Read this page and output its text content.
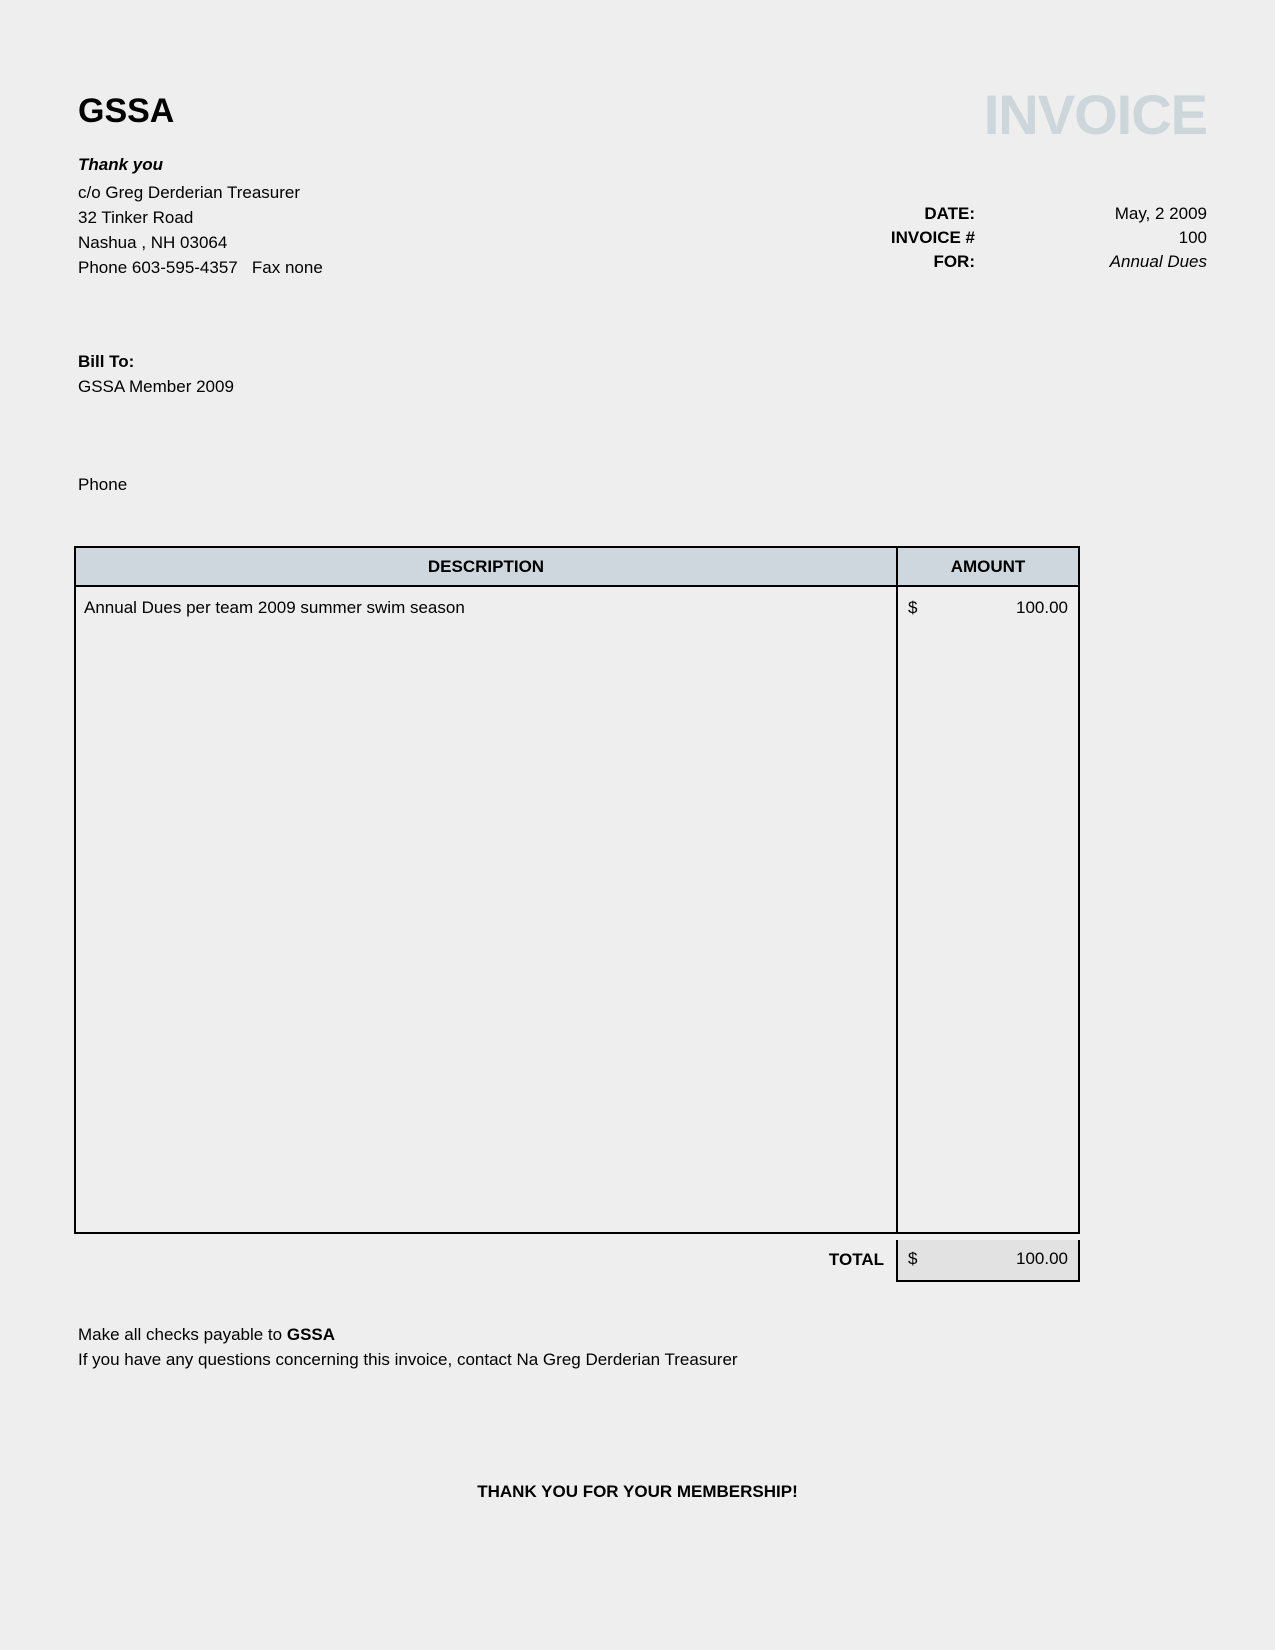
GSSA	INVOICE
Thank you
c/o Greg Derderian Treasurer
32 Tinker Road
Nashua , NH 03064
Phone 603-595-4357   Fax none
DATE:	May, 2 2009
INVOICE #	100
FOR:	Annual Dues
Bill To:
GSSA Member 2009
Phone
DESCRIPTION	AMOUNT
Annual Dues per team 2009 summer swim season	$	100.00
TOTAL	$	100.00
Make all checks payable to GSSA
If you have any questions concerning this invoice, contact Na Greg Derderian Treasurer
THANK YOU FOR YOUR MEMBERSHIP!
